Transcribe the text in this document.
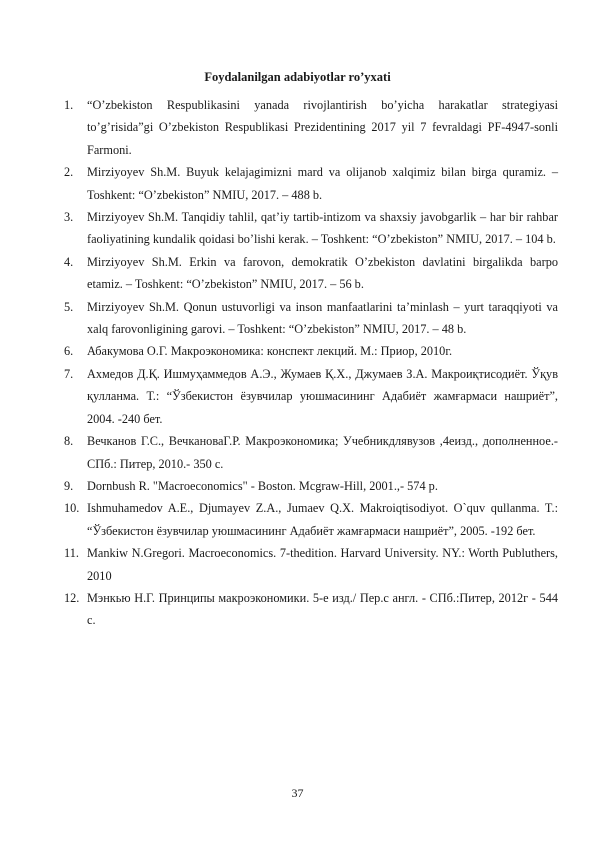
Foydalanilgan adabiyotlar ro’yxati
1. “O’zbekiston Respublikasini yanada rivojlantirish bo’yicha harakatlar strategiyasi to’g’risida”gi O’zbekiston Respublikasi Prezidentining 2017 yil 7 fevraldagi PF-4947-sonli Farmoni.
2. Mirziyoyev Sh.M. Buyuk kelajagimizni mard va olijanob xalqimiz bilan birga quramiz. – Toshkent: “O’zbekiston” NMIU, 2017. – 488 b.
3. Mirziyoyev Sh.M. Tanqidiy tahlil, qat’iy tartib-intizom va shaxsiy javobgarlik – har bir rahbar faoliyatining kundalik qoidasi bo’lishi kerak. – Toshkent: “O’zbekiston” NMIU, 2017. – 104 b.
4. Mirziyoyev Sh.M. Erkin va farovon, demokratik O’zbekiston davlatini birgalikda barpo etamiz. – Toshkent: “O’zbekiston” NMIU, 2017. – 56 b.
5. Mirziyoyev Sh.M. Qonun ustuvorligi va inson manfaatlarini ta’minlash – yurt taraqqiyoti va xalq farovonligining garovi. – Toshkent: “O’zbekiston” NMIU, 2017. – 48 b.
6. Абакумова О.Г. Макроэкономика: конспект лекций. М.: Приор, 2010г.
7. Ахмедов Д.Қ. Ишмуҳаммедов А.Э., Жумаев Қ.Х., Джумаев З.А. Макроиқтисодиёт. Ўқув қулланма. Т.: “Ўзбекистон ёзувчилар уюшмасининг Адабиёт жамғармаси нашриёт”, 2004. -240 бет.
8. Вечканов Г.С., ВечкановаГ.Р. Макроэкономика; Учебникдлявузов ,4еизд., дополненное.-СПб.: Питер, 2010.- 350 с.
9. Dornbush R. "Macroeconomics" - Boston. Mcgraw-Hill, 2001.,- 574 p.
10. Ishmuhamedov A.E., Djumayev Z.A., Jumaev Q.X. Makroiqtisodiyot. O`quv qullanma. T.: “Ўзбекистон ёзувчилар уюшмасининг Адабиёт жамғармаси нашриёт”, 2005. -192 бет.
11. Mankiw N.Gregori. Macroeconomics. 7-thedition. Harvard University. NY.: Worth Publuthers, 2010
12. Мэнкью Н.Г. Принципы макроэкономики. 5-е изд./ Пер.с англ. - СПб.:Питер, 2012г - 544 с.
37
